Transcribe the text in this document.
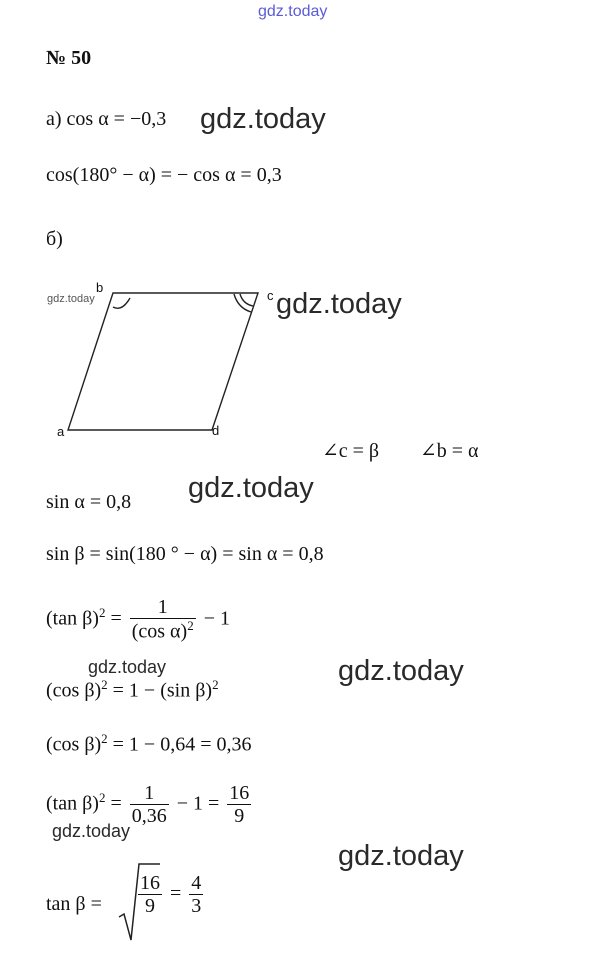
gdz.today
№ 50
а) cos α = −0,3 gdz.today
cos(180° − α) = − cos α = 0,3
б)
b
c
a	d
gdz.today	gdz.today
∠c = β ∠b = α
gdz.today
sin α = 0,8
sin β = sin(180 ° − α) = sin α = 0,8
(tan $\beta)^2 = \frac{1}{(\cos \alpha)^2} - 1$
gdz.today	gdz.today
(cos β)$^2$ = 1 − (sin β)$^2$
(cos β)$^2$ = 1 − 0,64 = 0,36
(tan $\beta)^2 = \frac{1}{0,36} - 1 = \frac{16}{9}$
gdz.today
gdz.today
$\tan \beta = \frac{16}{9} = \frac{4}{3}$
